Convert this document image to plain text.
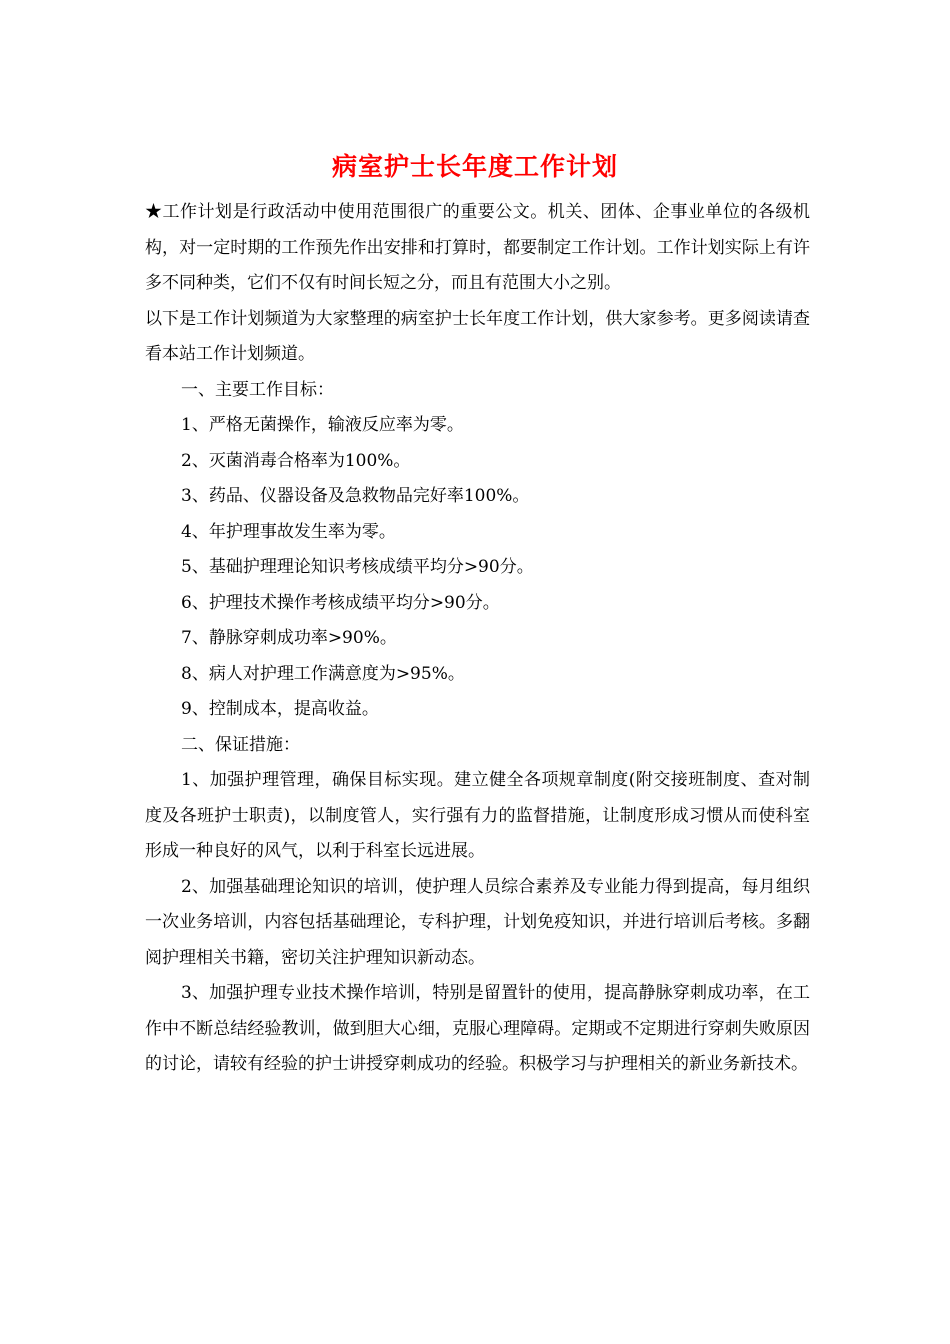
病室护士长年度工作计划

★工作计划是行政活动中使用范围很广的重要公文。机关、团体、企事业单位的各级机构，对一定时期的工作预先作出安排和打算时，都要制定工作计划。工作计划实际上有许多不同种类，它们不仅有时间长短之分，而且有范围大小之别。

以下是工作计划频道为大家整理的病室护士长年度工作计划，供大家参考。更多阅读请查看本站工作计划频道。

一、主要工作目标：

1、严格无菌操作，输液反应率为零。

2、灭菌消毒合格率为100%。

3、药品、仪器设备及急救物品完好率100%。

4、年护理事故发生率为零。

5、基础护理理论知识考核成绩平均分>90分。

6、护理技术操作考核成绩平均分>90分。

7、静脉穿刺成功率>90%。

8、病人对护理工作满意度为>95%。

9、控制成本，提高收益。

二、保证措施：

1、加强护理管理，确保目标实现。建立健全各项规章制度(附交接班制度、查对制度及各班护士职责)，以制度管人，实行强有力的监督措施，让制度形成习惯从而使科室形成一种良好的风气，以利于科室长远进展。

2、加强基础理论知识的培训，使护理人员综合素养及专业能力得到提高，每月组织一次业务培训，内容包括基础理论，专科护理，计划免疫知识，并进行培训后考核。多翻阅护理相关书籍，密切关注护理知识新动态。

3、加强护理专业技术操作培训，特别是留置针的使用，提高静脉穿刺成功率，在工作中不断总结经验教训，做到胆大心细，克服心理障碍。定期或不定期进行穿刺失败原因的讨论，请较有经验的护士讲授穿刺成功的经验。积极学习与护理相关的新业务新技术。
